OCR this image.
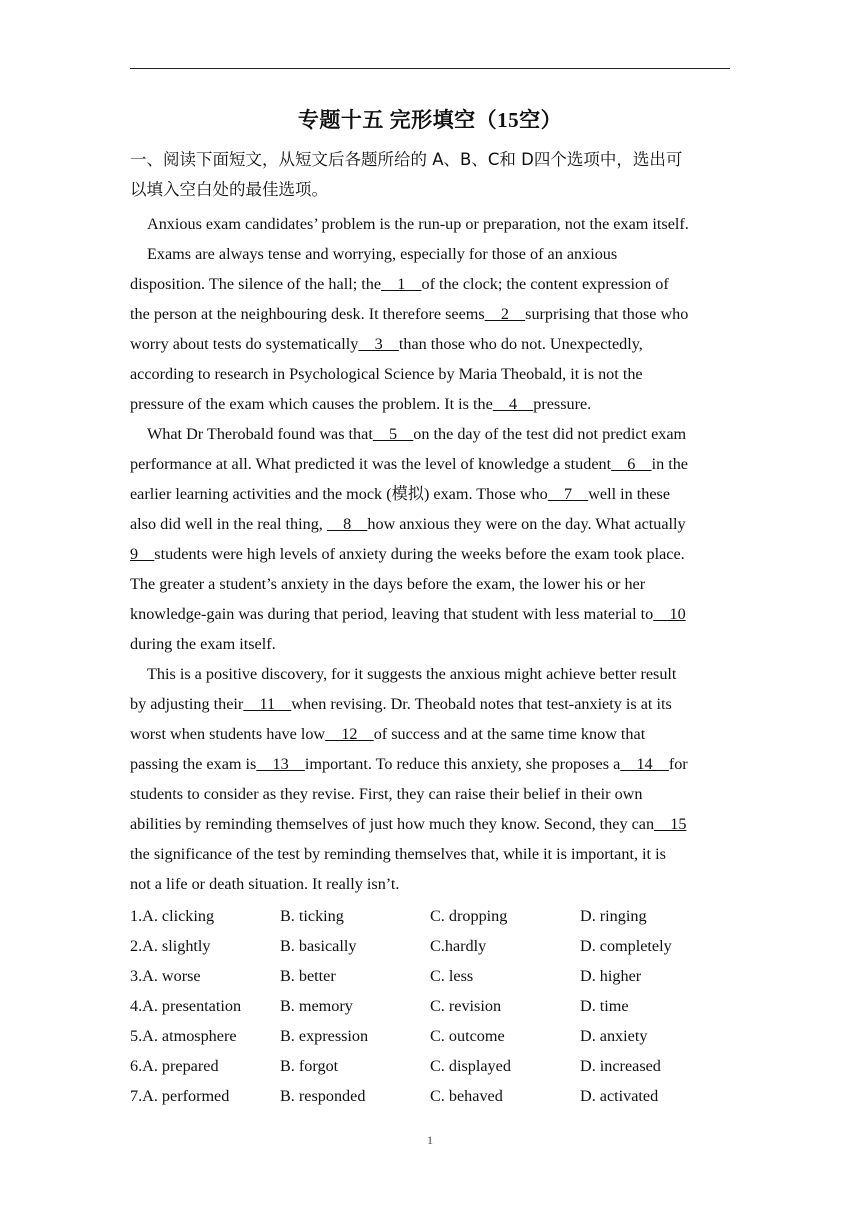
专题十五 完形填空（15空）
一、阅读下面短文，从短文后各题所给的 A、B、C和 D四个选项中，选出可
以填入空白处的最佳选项。
Anxious exam candidates’ problem is the run-up or preparation, not the exam itself.
Exams are always tense and worrying, especially for those of an anxious
disposition. The silence of the hall; the    1    of the clock; the content expression of
the person at the neighbouring desk. It therefore seems    2    surprising that those who
worry about tests do systematically    3    than those who do not. Unexpectedly,
according to research in Psychological Science by Maria Theobald, it is not the
pressure of the exam which causes the problem. It is the    4    pressure.
What Dr Therobald found was that    5    on the day of the test did not predict exam
performance at all. What predicted it was the level of knowledge a student    6    in the
earlier learning activities and the mock (模拟) exam. Those who    7    well in these
also did well in the real thing,     8    how anxious they were on the day. What actually
9    students were high levels of anxiety during the weeks before the exam took place.
The greater a student’s anxiety in the days before the exam, the lower his or her
knowledge-gain was during that period, leaving that student with less material to    10
during the exam itself.
This is a positive discovery, for it suggests the anxious might achieve better result
by adjusting their    11    when revising. Dr. Theobald notes that test-anxiety is at its
worst when students have low    12    of success and at the same time know that
passing the exam is    13    important. To reduce this anxiety, she proposes a    14    for
students to consider as they revise. First, they can raise their belief in their own
abilities by reminding themselves of just how much they know. Second, they can    15
the significance of the test by reminding themselves that, while it is important, it is
not a life or death situation. It really isn’t.
1.A. clicking	B. ticking	C. dropping	D. ringing
2.A. slightly	B. basically	C.hardly	D. completely
3.A. worse	B. better	C. less	D. higher
4.A. presentation	B. memory	C. revision	D. time
5.A. atmosphere	B. expression	C. outcome	D. anxiety
6.A. prepared	B. forgot	C. displayed	D. increased
7.A. performed	B. responded	C. behaved	D. activated
1
